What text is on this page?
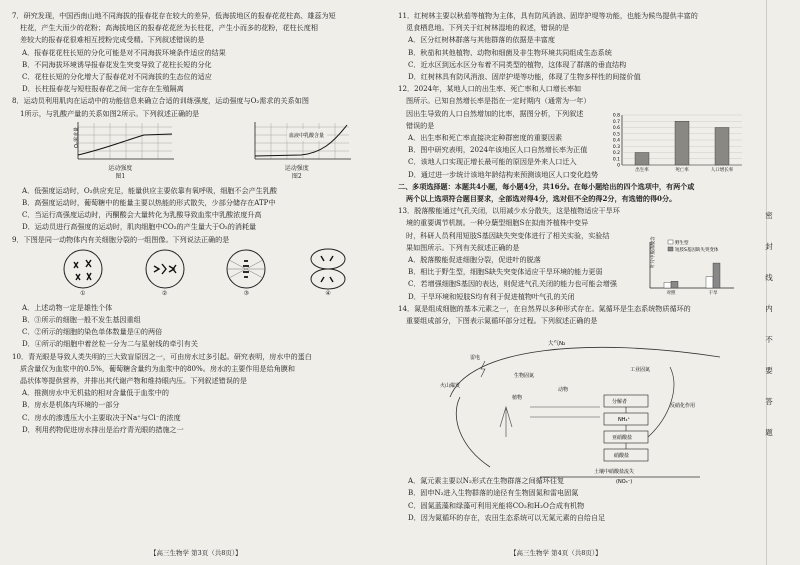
7．研究发现，中国西南山地不同海拔的报春花存在较大的差异，低海拔地区的报春花花柱高、雄蕊为短

柱花，产生大而少的花粉；高海拔地区的报春花花丝为长柱花，产生小而多的花粉，花柱长度相

差较大的报春花很难相互授粉完成受精。下列叙述错误的是

A．报春花花柱长短的分化可能是对不同海拔环境条件适应的结果

B．不同海拔环境诱导报春花发生突变导致了花柱长短的分化

C．花柱长短的分化增大了报春花对不同海拔的生态位的适应

D．长柱报春花与短柱报春花之间一定存在生殖隔离

8．运动员利用肌肉在运动中的功能信息来确立合适的训练强度，运动强度与O₂需求的关系如图

1所示，与乳酸产量的关系如图2所示。下列叙述正确的是

O₂需求量
运动强度
图1
血液中乳酸含量
运动强度
图2

A．低强度运动时，O₂供应充足，能量供应主要依靠有氧呼吸，细胞不会产生乳酸

B．高强度运动时，葡萄糖中的能量主要以热能的形式散失，少部分储存在ATP中

C．当运行高强度运动时，丙酮酸会大量转化为乳酸导致血浆中乳酸浓度升高

D．运动员进行高强度的运动时，肌肉细胞中CO₂的产生量大于O₂的消耗量

9．下图是同一动物体内有关细胞分裂的一组图像。下列说法正确的是

①	②	③	④

A．上述动物一定是雄性个体

B．③所示的细胞一般不发生基因重组

C．②所示的细胞的染色单体数量是④的两倍

D．④所示的细胞中着丝粒一分为二与星射线的牵引有关

10．青光眼是导致人类失明的三大致盲原因之一，可由房水过多引起。研究表明，房水中的蛋白

质含量仅为血浆中的0.5%，葡萄糖含量约为血浆中的80%。房水的主要作用是给角膜和

晶状体等提供营养，并排出其代谢产物和维持眼内压。下列叙述错误的是

A．推测房水中无机盐的相对含量低于血浆中的

B．房水是机体内环境的一部分

C．房水的渗透压大小主要取决于Na⁺与Cl⁻的浓度

D．利用药物促进房水排出是治疗青光眼的措施之一

11．红树林主要以秋茄等植物为主体，具有防风消浪、固岸护堤等功能，也能为候鸟提供丰富的

觅食栖息地。下列关于红树林湿地的叙述，错误的是

A．区分红树林群落与其他群落的依据是丰富度

B．秋茄和其他植物、动物和细菌及非生物环境共同组成生态系统

C．近水区到远水区分布着不同类型的植物，这体现了群落的垂直结构

D．红树林具有防风消浪、固岸护堤等功能，体现了生物多样性的间接价值

12．2024年，某地人口的出生率、死亡率和人口增长率如

图所示。已知自然增长率是指在一定时期内（通常为一年）

因出生导致的人口自然增加的比率，据图分析，下列叙述

错误的是

A．出生率和死亡率直接决定种群密度的重要因素

B．图中研究表明，2024年该地区人口自然增长率为正值

C．该地人口实现正增长最可能的原因是外来人口迁入

D．通过进一步统计该地年龄结构来预测该地区人口变化趋势

二、多项选择题：本题共4小题，每小题4分，共16分。在每小题给出的四个选项中，有两个或

两个以上选项符合题目要求，全部选对得4分，选对但不全的得2分，有选错的得0分。

13．脱落酸能通过气孔关闭，以用减少水分散失，这是植物适应干旱环

境的重要调节机制。一种分蘖型细胞S在拟南芥植株中变异

时，科研人员利用短肢S基因缺失突变体进行了相关实验，实验结

果如图所示。下列有关叙述正确的是

A．脱落酸能促进细胞分裂，促进叶的脱落

B．相比于野生型，细胞S缺失突变体适应干旱环境的能力更弱

C．若增强细胞S基因的表达，则促进气孔关闭的能力也可能会增强

D．干旱环境和短肢S均有利于促进植物叶气孔的关闭

14．氮是组成细胞的基本元素之一，在自然界以多种形式存在。氮循环是生态系统物质循环的

重要组成部分，下图表示氮循环部分过程。下列叙述正确的是

A．氮元素主要以N₂形式在生物群落之间循环往复

B．固申N₂进入生物群落的途径有生物固氮和雷电固氮

C．固氮蓝藻和绿藻可利用光能将CO₂和H₂O合成有机物

D．因为氮循环的存在，农田生态系统可以无氮元素的自给自足

0
0.1
0.2
0.3
0.4
0.5
0.6
0.7
0.8
出生率	死亡率	人口增长率
叶片中脱落酸含量/(ng·g⁻¹)	野生型
短肢S基因缺失突变体
对照	干旱
大气N₂
雷电
火山爆发
生物固氮
工业固氮
动物
植物
分解者
NH₄⁺
亚硝酸盐
硝酸盐
反硝化作用
土壤中硝酸盐流失
(NO₃⁻)
密
封
线
内
不
要
答
题
【高三生物学 第3页（共8页）】	【高三生物学 第4页（共8页）】
